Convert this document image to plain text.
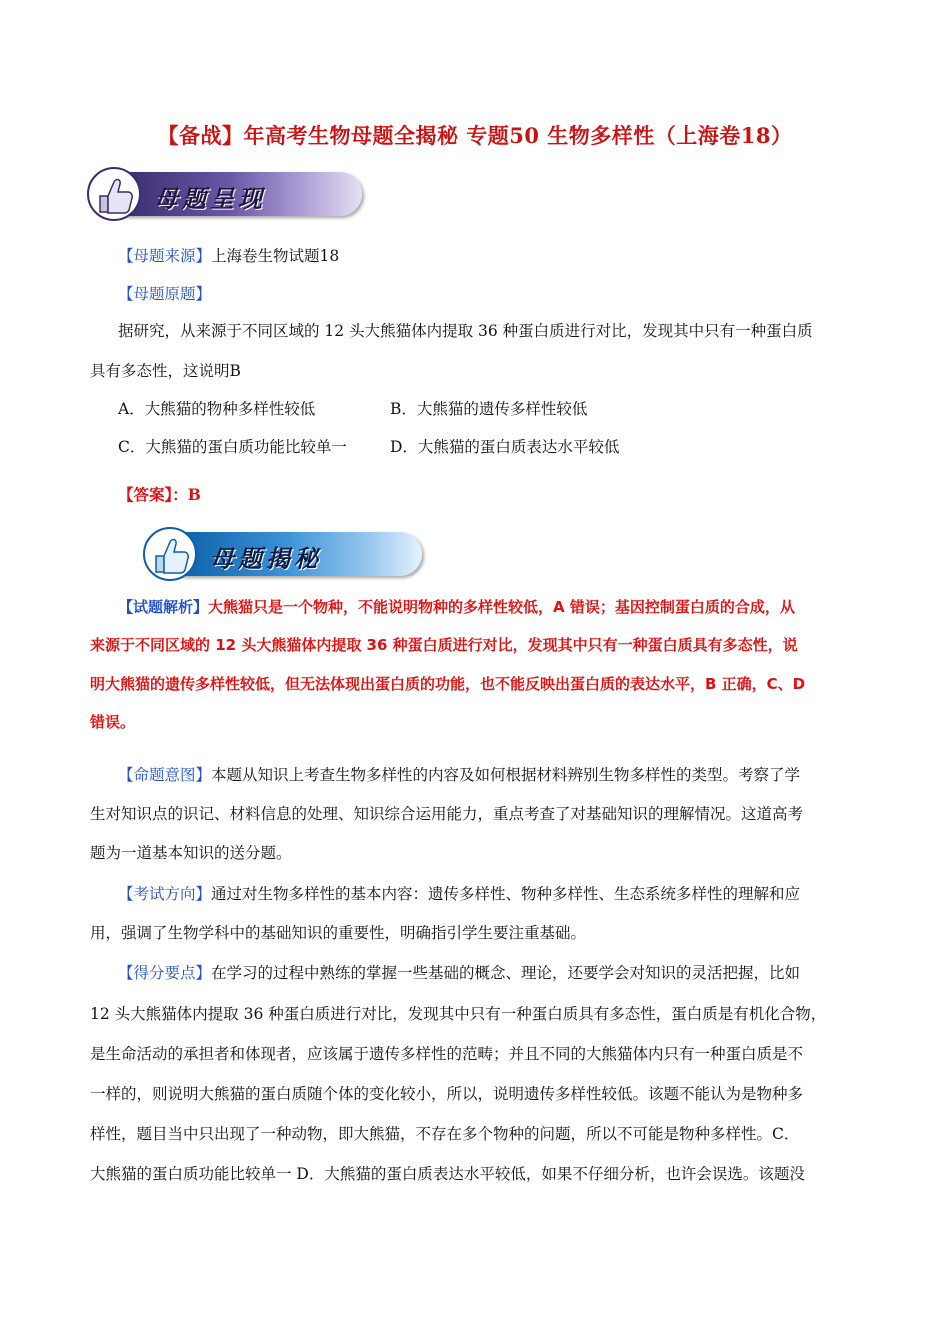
【备战】年高考生物母题全揭秘 专题50 生物多样性（上海卷18）
母题呈现

【母题来源】上海卷生物试题18

【母题原题】

据研究，从来源于不同区域的 12 头大熊猫体内提取 36 种蛋白质进行对比，发现其中只有一种蛋白质

具有多态性，这说明B

A．大熊猫的物种多样性较低	B．大熊猫的遗传多样性较低

C．大熊猫的蛋白质功能比较单一	D．大熊猫的蛋白质表达水平较低

【答案】：B

母题揭秘

【试题解析】大熊猫只是一个物种，不能说明物种的多样性较低，A 错误；基因控制蛋白质的合成，从

来源于不同区域的 12 头大熊猫体内提取 36 种蛋白质进行对比，发现其中只有一种蛋白质具有多态性，说

明大熊猫的遗传多样性较低，但无法体现出蛋白质的功能，也不能反映出蛋白质的表达水平，B 正确，C、D

错误。

【命题意图】本题从知识上考查生物多样性的内容及如何根据材料辨别生物多样性的类型。考察了学

生对知识点的识记、材料信息的处理、知识综合运用能力，重点考查了对基础知识的理解情况。这道高考

题为一道基本知识的送分题。

【考试方向】通过对生物多样性的基本内容：遗传多样性、物种多样性、生态系统多样性的理解和应

用，强调了生物学科中的基础知识的重要性，明确指引学生要注重基础。

【得分要点】在学习的过程中熟练的掌握一些基础的概念、理论，还要学会对知识的灵活把握，比如

12 头大熊猫体内提取 36 种蛋白质进行对比，发现其中只有一种蛋白质具有多态性，蛋白质是有机化合物，

是生命活动的承担者和体现者，应该属于遗传多样性的范畴；并且不同的大熊猫体内只有一种蛋白质是不

一样的，则说明大熊猫的蛋白质随个体的变化较小，所以，说明遗传多样性较低。该题不能认为是物种多

样性，题目当中只出现了一种动物，即大熊猫，不存在多个物种的问题，所以不可能是物种多样性。C．

大熊猫的蛋白质功能比较单一 D．大熊猫的蛋白质表达水平较低，如果不仔细分析，也许会误选。该题没
